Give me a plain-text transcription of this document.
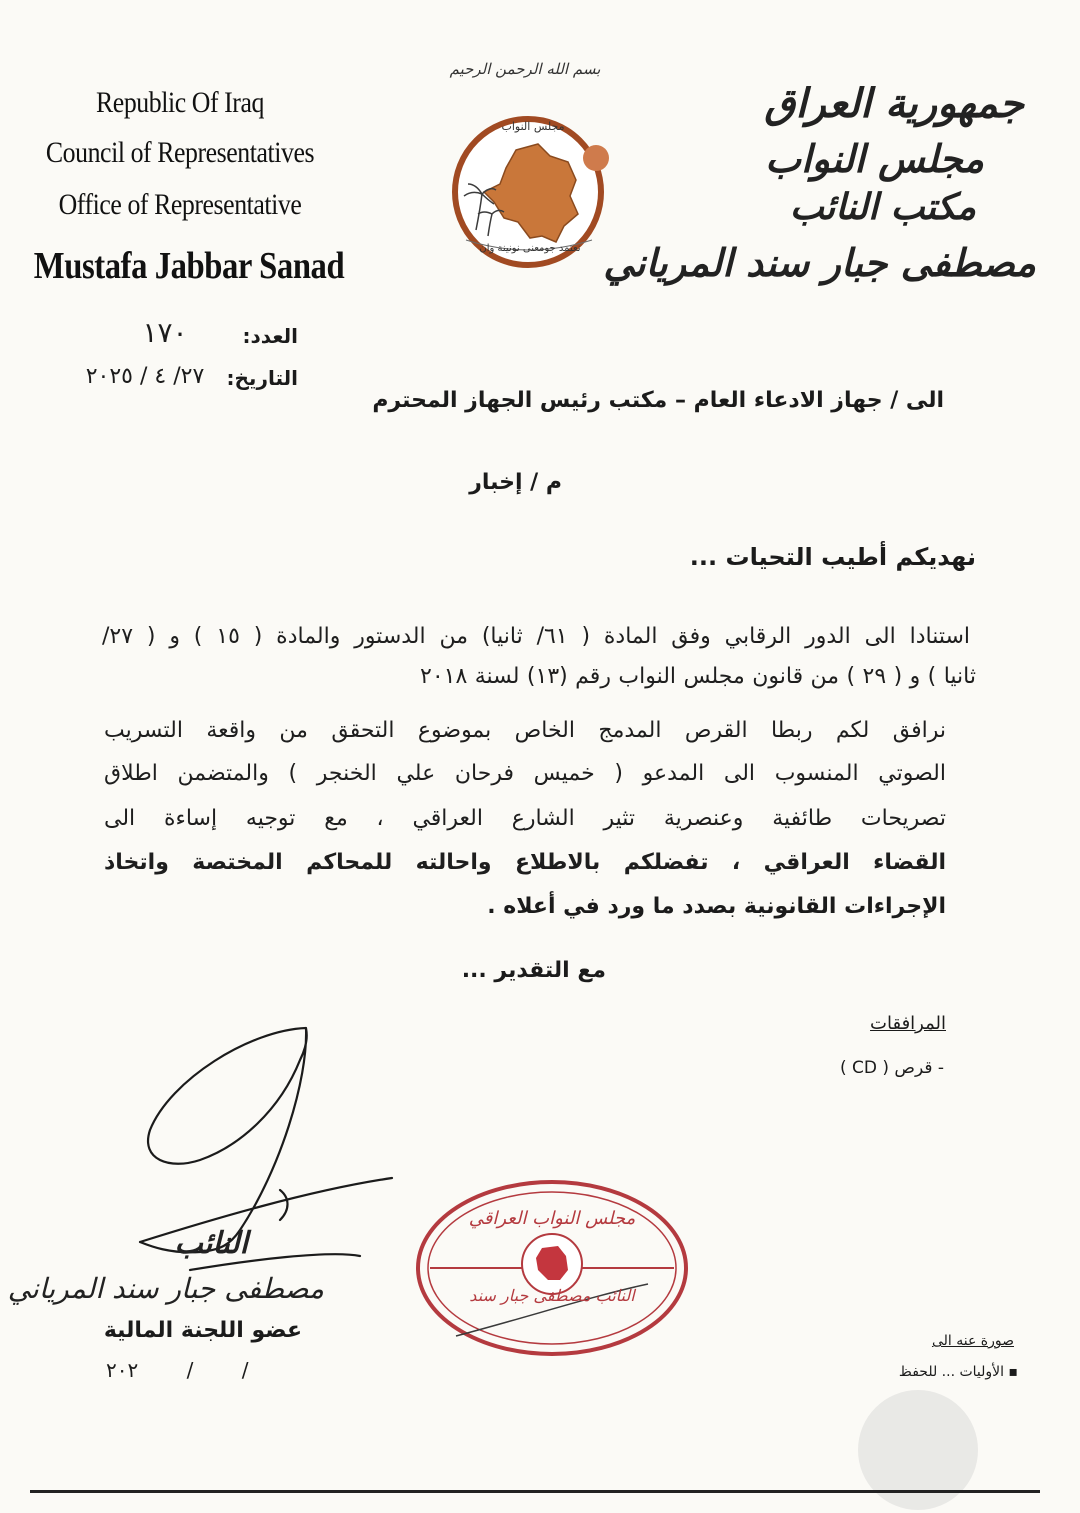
بسم الله الرحمن الرحيم
Republic Of Iraq
Council of Representatives
Office of Representative
Mustafa Jabbar Sanad
مجلس النواب
نعتمد جومعنى نونينة وان
جمهورية العراق
مجلس النواب
مكتب النائب
مصطفى جبار سند المرياني
العدد:
١٧٠
التاريخ:
٢٧/ ٤ / ٢٠٢٥
الى / جهاز الادعاء العام – مكتب رئيس الجهاز المحترم
م / إخبار
نهديكم أطيب التحيات ...
استنادا الى الدور الرقابي وفق المادة ( ٦١/ ثانيا) من الدستور والمادة ( ١٥ ) و ( ٢٧/
ثانيا ) و ( ٢٩ ) من قانون مجلس النواب رقم (١٣) لسنة ٢٠١٨
نرافق لكم ربطا القرص المدمج الخاص بموضوع التحقق من واقعة التسريب
الصوتي المنسوب الى المدعو ( خميس فرحان علي الخنجر ) والمتضمن اطلاق
تصريحات طائفية وعنصرية تثير الشارع العراقي ، مع توجيه إساءة الى
القضاء العراقي ، تفضلكم بالاطلاع واحالته للمحاكم المختصة واتخاذ
الإجراءات القانونية بصدد ما ورد في أعلاه .
مع التقدير ...
المرافقات
- قرص ( CD )
النائب
مصطفى جبار سند المرياني
عضو اللجنة المالية
/ / ٢٠٢
مجلس النواب العراقي
النائب مصطفى جبار سند
صورة عنه الى
▪ الأوليات ... للحفظ
